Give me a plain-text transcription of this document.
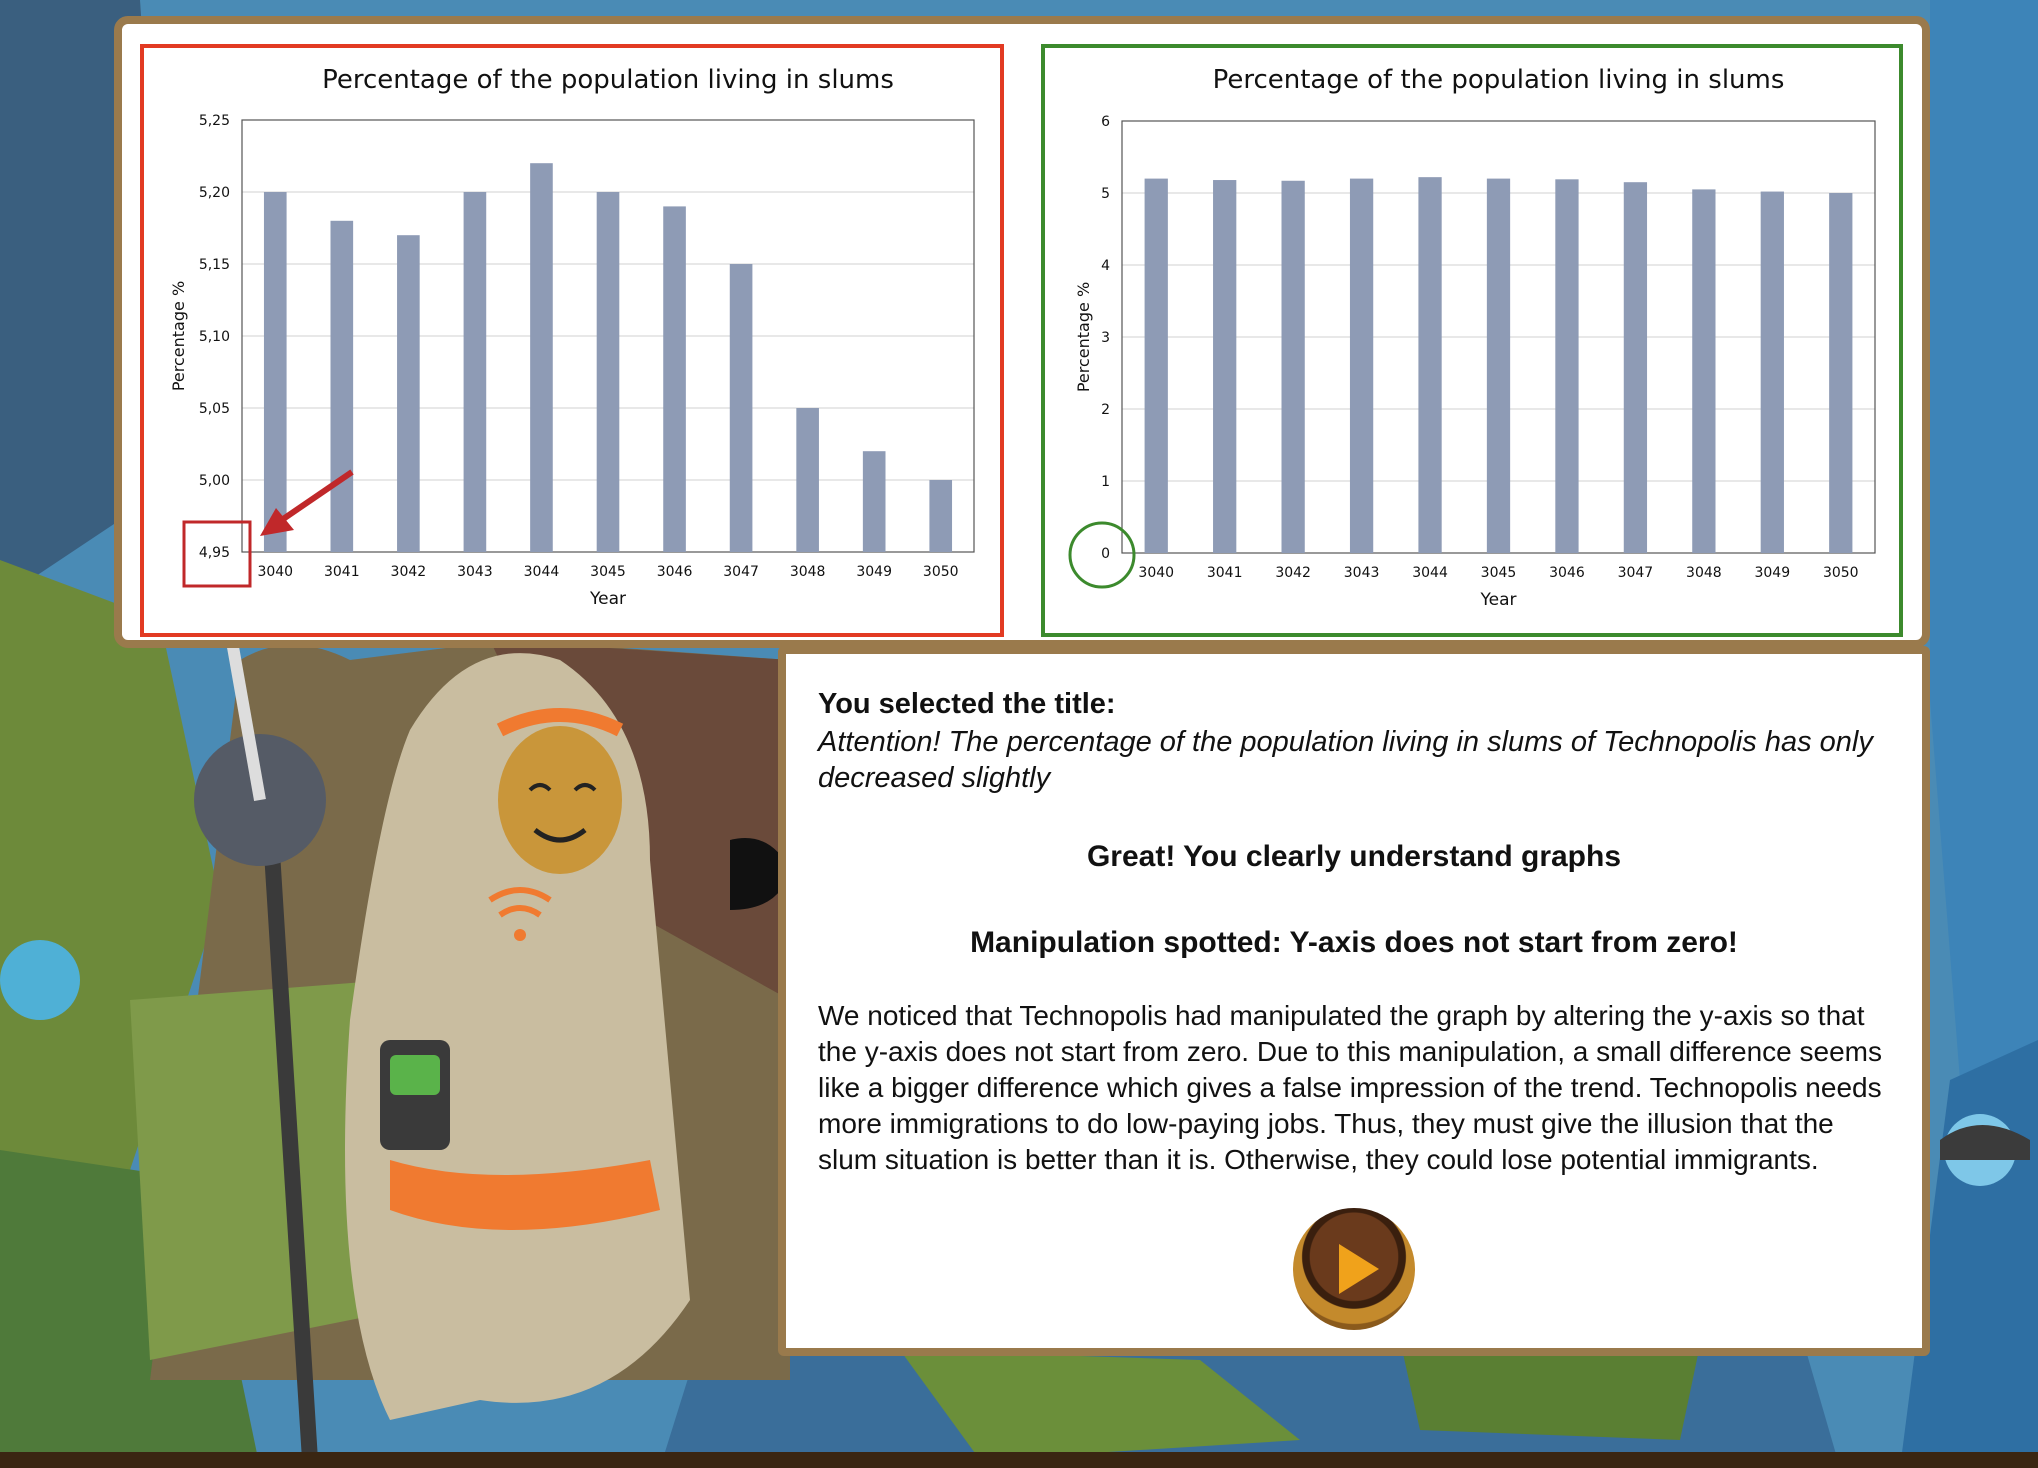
Percentage of the population living in slums
4,95
5,00
5,05
5,10
5,15
5,20
5,25
3040 3041 3042 3043 3044 3045 3046 3047 3048 3049 3050
Year
Percentage %
Percentage of the population living in slums
0
1
2
3
4
5
6
3040 3041 3042 3043 3044 3045 3046 3047 3048 3049 3050
Year
Percentage %
You selected the title:
Attention! The percentage of the population living in slums of Technopolis has only decreased slightly
Great! You clearly understand graphs
Manipulation spotted: Y-axis does not start from zero!
We noticed that Technopolis had manipulated the graph by altering the y-axis so that the y-axis does not start from zero. Due to this manipulation, a small difference seems like a bigger difference which gives a false impression of the trend. Technopolis needs more immigrations to do low-paying jobs. Thus, they must give the illusion that the slum situation is better than it is. Otherwise, they could lose potential immigrants.
